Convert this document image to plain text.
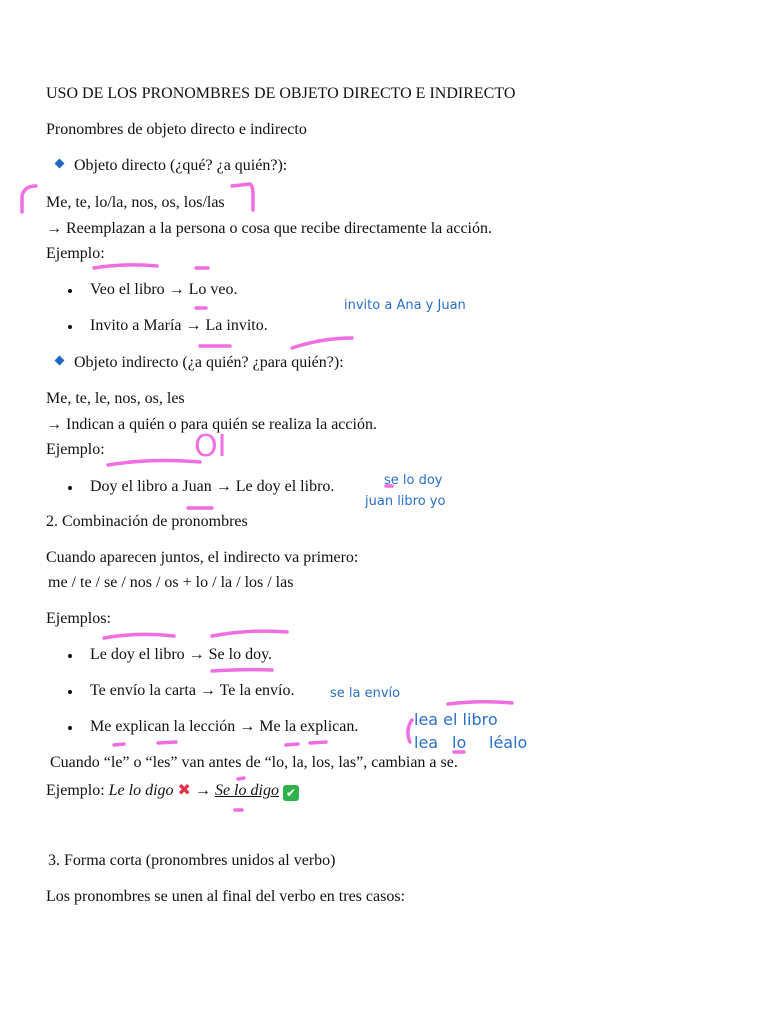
USO DE LOS PRONOMBRES DE OBJETO DIRECTO E INDIRECTO
Pronombres de objeto directo e indirecto
Objeto directo (¿qué? ¿a quién?):
Me, te, lo/la, nos, os, los/las
→ Reemplazan a la persona o cosa que recibe directamente la acción.
Ejemplo:
Veo el libro → Lo veo.
Invito a María → La invito.
Objeto indirecto (¿a quién? ¿para quién?):
Me, te, le, nos, os, les
→ Indican a quién o para quién se realiza la acción.
Ejemplo:
Doy el libro a Juan → Le doy el libro.
2. Combinación de pronombres
Cuando aparecen juntos, el indirecto va primero:
me / te / se / nos / os + lo / la / los / las
Ejemplos:
Le doy el libro → Se lo doy.
Te envío la carta → Te la envío.
Me explican la lección → Me la explican.
Cuando “le” o “les” van antes de “lo, la, los, las”, cambian a se.
Ejemplo: Le lo digo ✖ → Se lo digo ✔
3. Forma corta (pronombres unidos al verbo)
Los pronombres se unen al final del verbo en tres casos:
invito a Ana y Juan
se lo doy
juan libro yo
se la envío
lea el libro
lea lo léalo
OI
